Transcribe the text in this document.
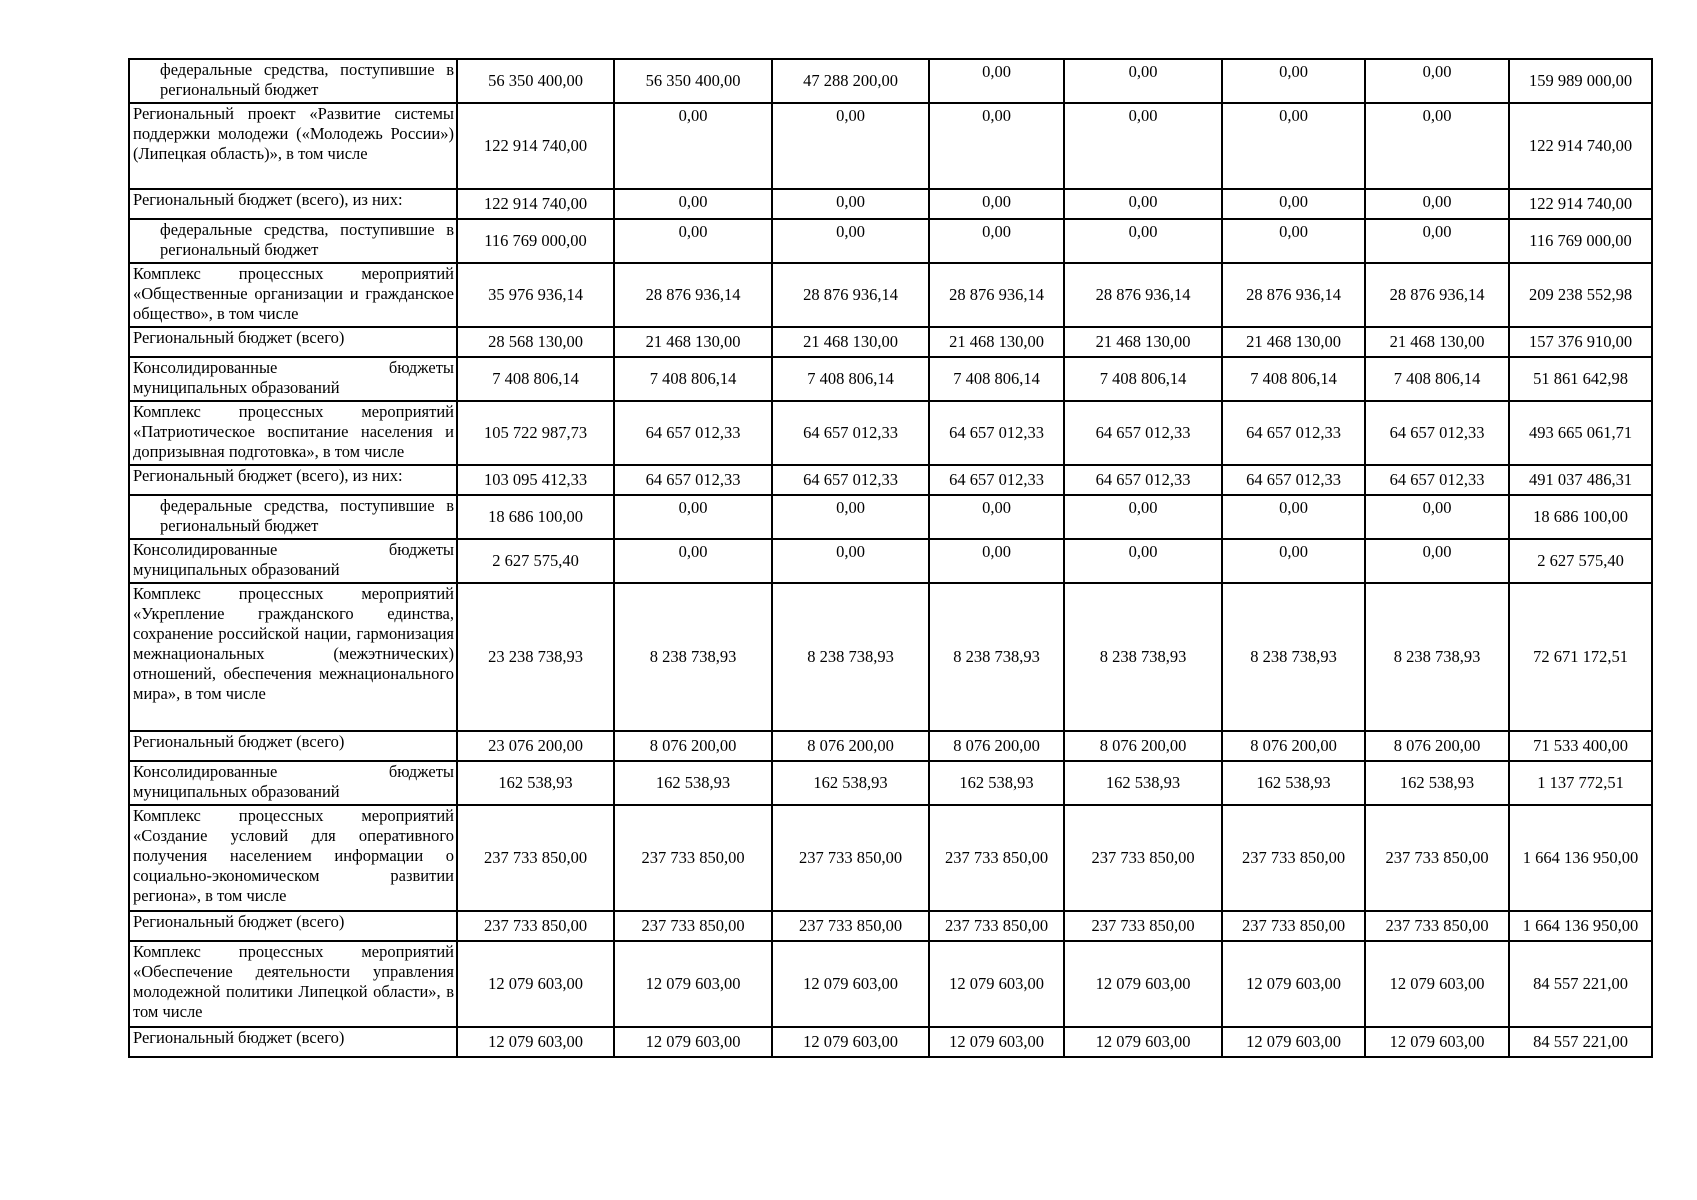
федеральные средства, поступившие в региональный бюджет	56 350 400,00	56 350 400,00	47 288 200,00	0,00	0,00	0,00	0,00	159 989 000,00
Региональный проект «Развитие системы поддержки молодежи («Молодежь России») (Липецкая область)», в том числе	122 914 740,00	0,00	0,00	0,00	0,00	0,00	0,00	122 914 740,00
Региональный бюджет (всего), из них:	122 914 740,00	0,00	0,00	0,00	0,00	0,00	0,00	122 914 740,00
федеральные средства, поступившие в региональный бюджет	116 769 000,00	0,00	0,00	0,00	0,00	0,00	0,00	116 769 000,00
Комплекс процессных мероприятий «Общественные организации и гражданское общество», в том числе	35 976 936,14	28 876 936,14	28 876 936,14	28 876 936,14	28 876 936,14	28 876 936,14	28 876 936,14	209 238 552,98
Региональный бюджет (всего)	28 568 130,00	21 468 130,00	21 468 130,00	21 468 130,00	21 468 130,00	21 468 130,00	21 468 130,00	157 376 910,00
Консолидированные бюджеты муниципальных образований	7 408 806,14	7 408 806,14	7 408 806,14	7 408 806,14	7 408 806,14	7 408 806,14	7 408 806,14	51 861 642,98
Комплекс процессных мероприятий «Патриотическое воспитание населения и допризывная подготовка», в том числе	105 722 987,73	64 657 012,33	64 657 012,33	64 657 012,33	64 657 012,33	64 657 012,33	64 657 012,33	493 665 061,71
Региональный бюджет (всего), из них:	103 095 412,33	64 657 012,33	64 657 012,33	64 657 012,33	64 657 012,33	64 657 012,33	64 657 012,33	491 037 486,31
федеральные средства, поступившие в региональный бюджет	18 686 100,00	0,00	0,00	0,00	0,00	0,00	0,00	18 686 100,00
Консолидированные бюджеты муниципальных образований	2 627 575,40	0,00	0,00	0,00	0,00	0,00	0,00	2 627 575,40
Комплекс процессных мероприятий «Укрепление гражданского единства, сохранение российской нации, гармонизация межнациональных (межэтнических) отношений, обеспечения межнационального мира», в том числе	23 238 738,93	8 238 738,93	8 238 738,93	8 238 738,93	8 238 738,93	8 238 738,93	8 238 738,93	72 671 172,51
Региональный бюджет (всего)	23 076 200,00	8 076 200,00	8 076 200,00	8 076 200,00	8 076 200,00	8 076 200,00	8 076 200,00	71 533 400,00
Консолидированные бюджеты муниципальных образований	162 538,93	162 538,93	162 538,93	162 538,93	162 538,93	162 538,93	162 538,93	1 137 772,51
Комплекс процессных мероприятий «Создание условий для оперативного получения населением информации о социально-экономическом развитии региона», в том числе	237 733 850,00	237 733 850,00	237 733 850,00	237 733 850,00	237 733 850,00	237 733 850,00	237 733 850,00	1 664 136 950,00
Региональный бюджет (всего)	237 733 850,00	237 733 850,00	237 733 850,00	237 733 850,00	237 733 850,00	237 733 850,00	237 733 850,00	1 664 136 950,00
Комплекс процессных мероприятий «Обеспечение деятельности управления молодежной политики Липецкой области», в том числе	12 079 603,00	12 079 603,00	12 079 603,00	12 079 603,00	12 079 603,00	12 079 603,00	12 079 603,00	84 557 221,00
Региональный бюджет (всего)	12 079 603,00	12 079 603,00	12 079 603,00	12 079 603,00	12 079 603,00	12 079 603,00	12 079 603,00	84 557 221,00
